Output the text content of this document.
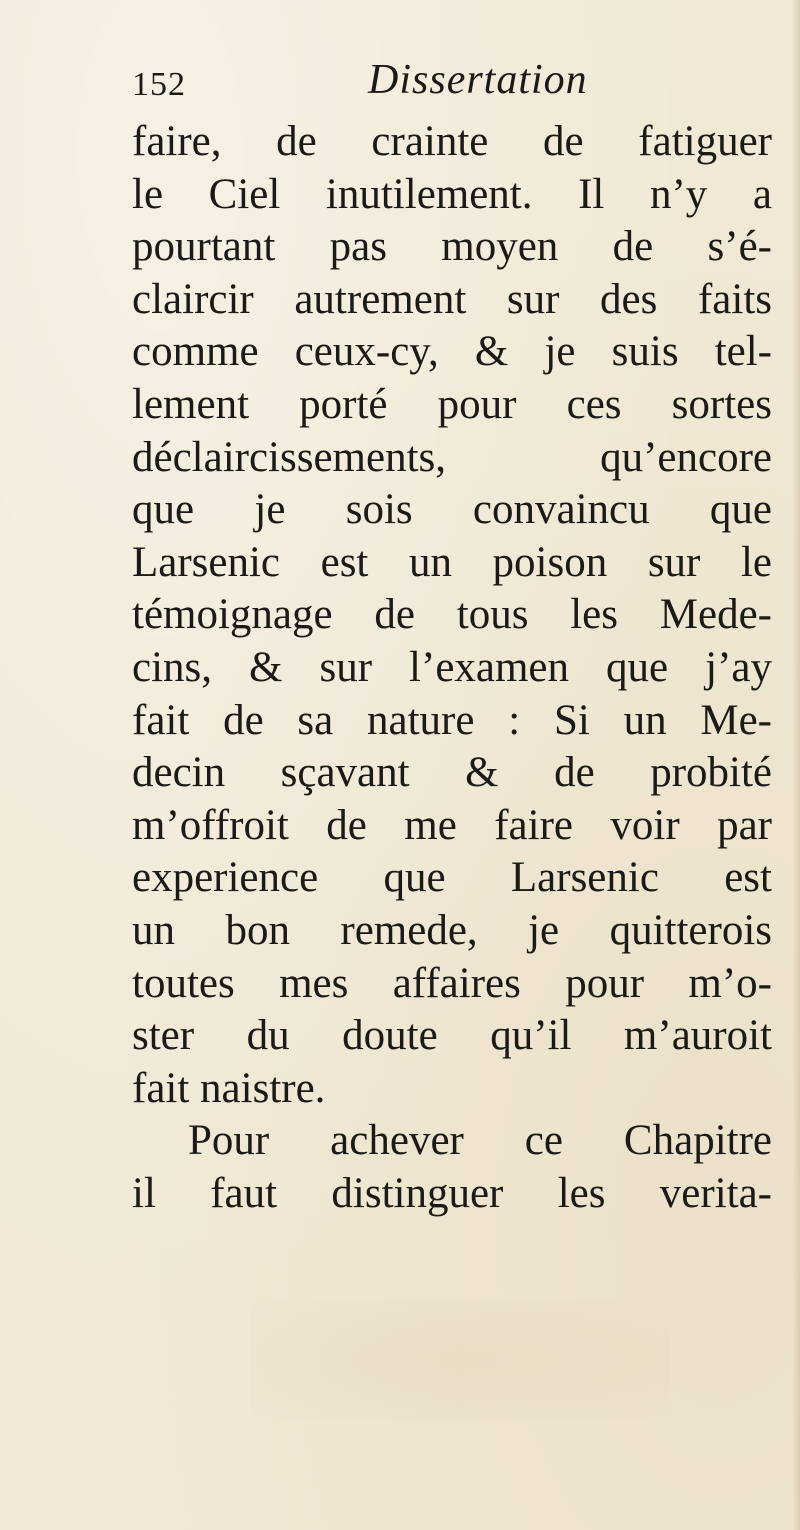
152	Dissertation
faire, de crainte de fatiguer
le Ciel inutilement. Il n’y a
pourtant pas moyen de s’é-
claircir autrement sur des faits
comme ceux-cy, & je suis tel-
lement porté pour ces sortes
déclaircissements, qu’encore
que je sois convaincu que
Larsenic est un poison sur le
témoignage de tous les Mede-
cins, & sur l’examen que j’ay
fait de sa nature : Si un Me-
decin sçavant & de probité
m’offroit de me faire voir par
experience que Larsenic est
un bon remede, je quitterois
toutes mes affaires pour m’o-
ster du doute qu’il m’auroit
fait naistre.
Pour achever ce Chapitre
il faut distinguer les verita-
